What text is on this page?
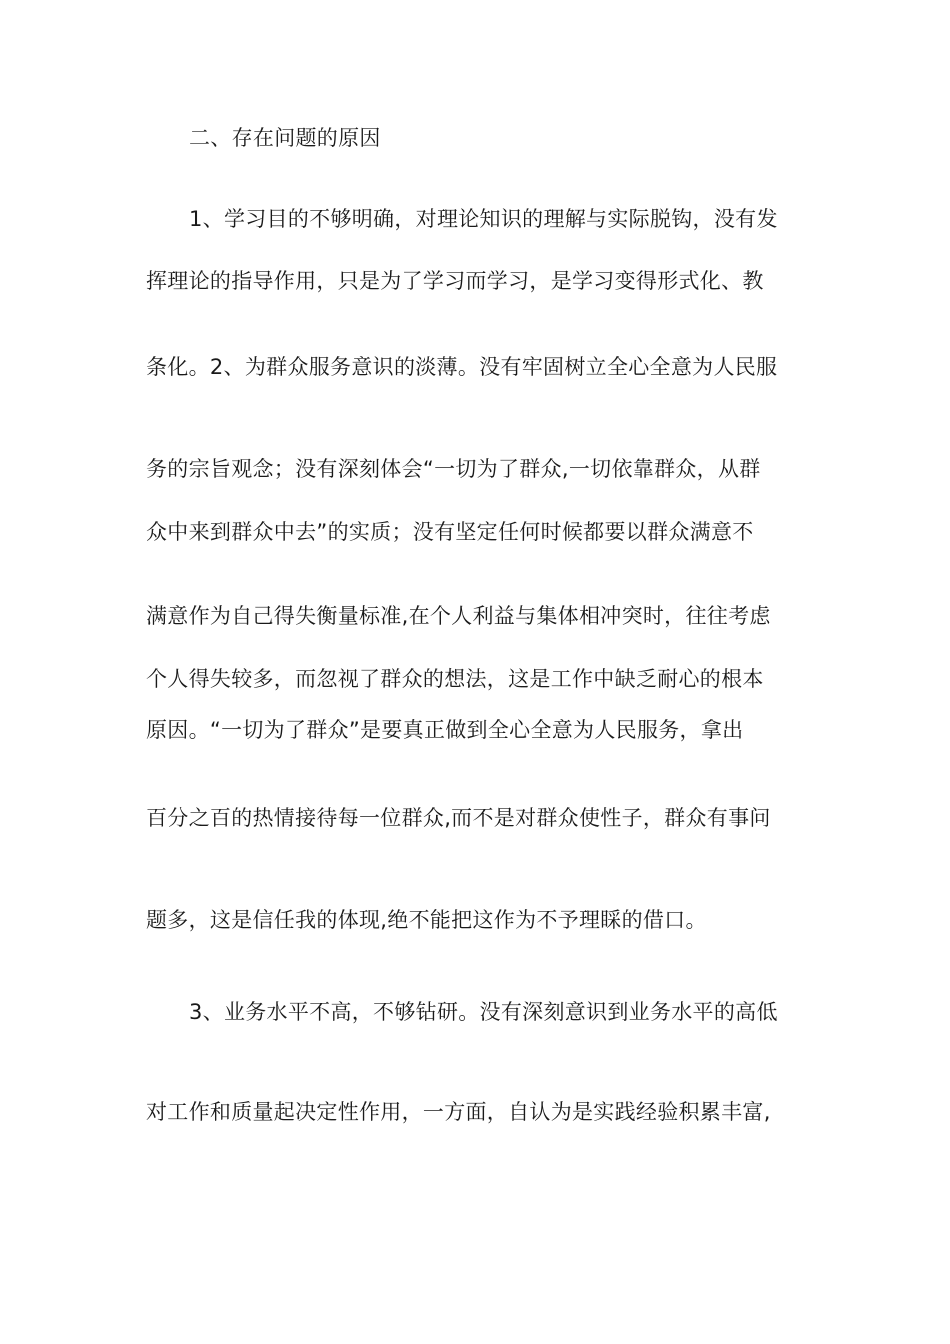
二、存在问题的原因
1、学习目的不够明确，对理论知识的理解与实际脱钩，没有发
挥理论的指导作用，只是为了学习而学习，是学习变得形式化、教
条化。2、为群众服务意识的淡薄。没有牢固树立全心全意为人民服
务的宗旨观念；没有深刻体会“一切为了群众,一切依靠群众，从群
众中来到群众中去”的实质；没有坚定任何时候都要以群众满意不
满意作为自己得失衡量标准,在个人利益与集体相冲突时，往往考虑
个人得失较多，而忽视了群众的想法，这是工作中缺乏耐心的根本
原因。“一切为了群众”是要真正做到全心全意为人民服务，拿出
百分之百的热情接待每一位群众,而不是对群众使性子，群众有事问
题多，这是信任我的体现,绝不能把这作为不予理睬的借口。
3、业务水平不高，不够钻研。没有深刻意识到业务水平的高低
对工作和质量起决定性作用，一方面，自认为是实践经验积累丰富,
